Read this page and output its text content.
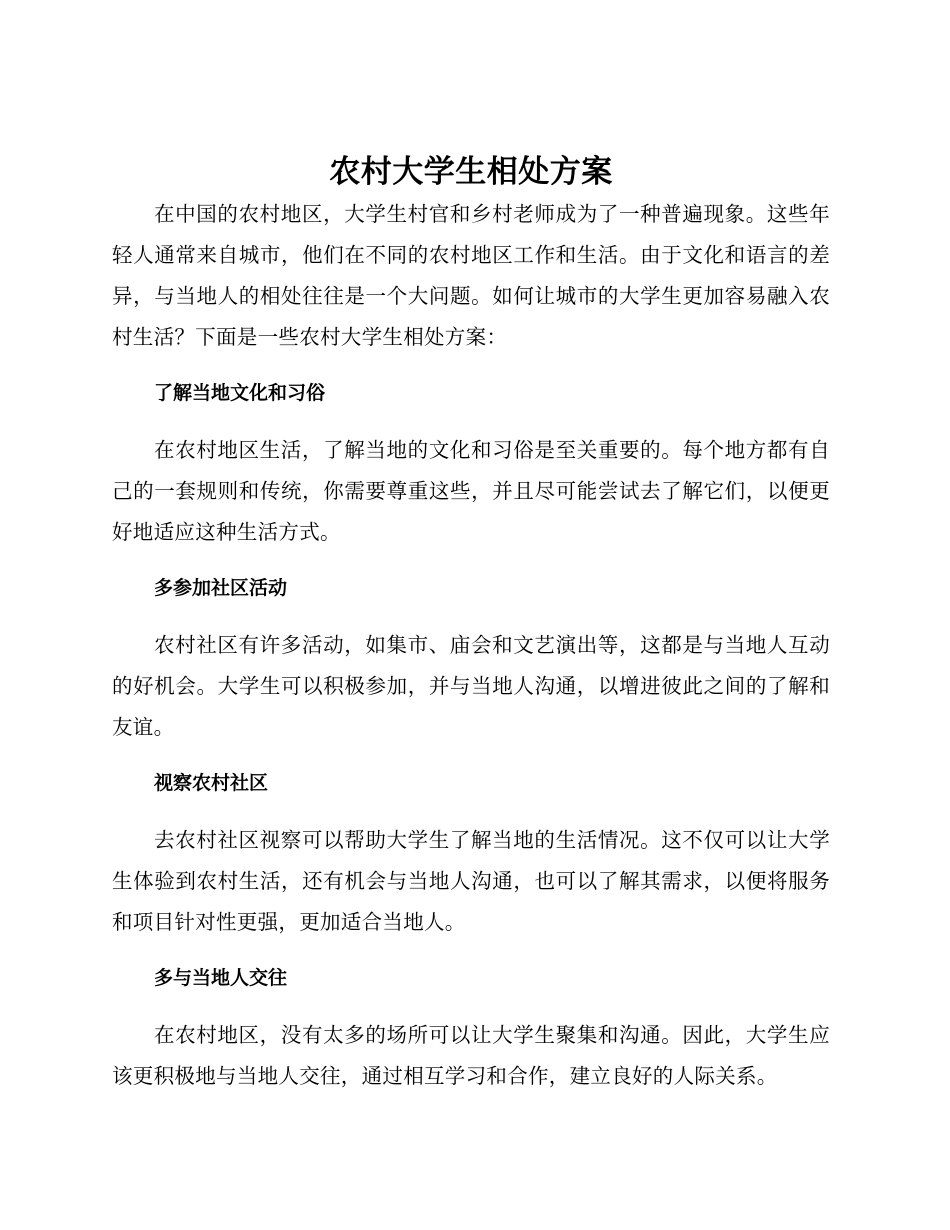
农村大学生相处方案

在中国的农村地区，大学生村官和乡村老师成为了一种普遍现象。这些年轻人通常来自城市，他们在不同的农村地区工作和生活。由于文化和语言的差异，与当地人的相处往往是一个大问题。如何让城市的大学生更加容易融入农村生活？下面是一些农村大学生相处方案：

了解当地文化和习俗

在农村地区生活，了解当地的文化和习俗是至关重要的。每个地方都有自己的一套规则和传统，你需要尊重这些，并且尽可能尝试去了解它们，以便更好地适应这种生活方式。

多参加社区活动

农村社区有许多活动，如集市、庙会和文艺演出等，这都是与当地人互动的好机会。大学生可以积极参加，并与当地人沟通，以增进彼此之间的了解和友谊。

视察农村社区

去农村社区视察可以帮助大学生了解当地的生活情况。这不仅可以让大学生体验到农村生活，还有机会与当地人沟通，也可以了解其需求，以便将服务和项目针对性更强，更加适合当地人。

多与当地人交往

在农村地区，没有太多的场所可以让大学生聚集和沟通。因此，大学生应该更积极地与当地人交往，通过相互学习和合作，建立良好的人际关系。
